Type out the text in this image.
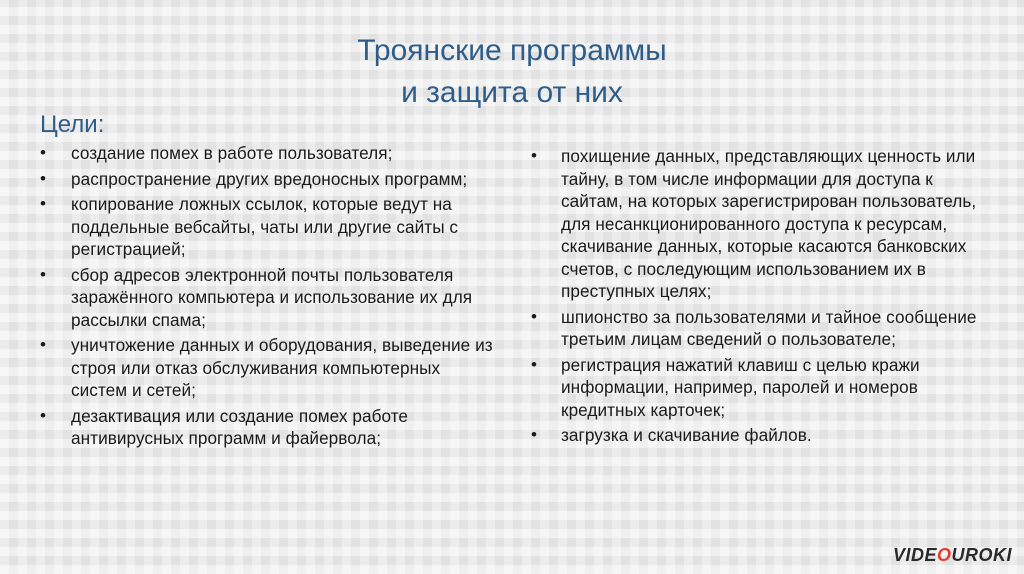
Троянские программы
и защита от них
Цели:
• создание помех в работе пользователя;
• распространение других вредоносных программ;
• копирование ложных ссылок, которые ведут на поддельные вебсайты, чаты или другие сайты с регистрацией;
• сбор адресов электронной почты пользователя заражённого компьютера и использование их для рассылки спама;
• уничтожение данных и оборудования, выведение из строя или отказ обслуживания компьютерных систем и сетей;
• дезактивация или создание помех работе антивирусных программ и файервола;
• похищение данных, представляющих ценность или тайну, в том числе информации для доступа к сайтам, на которых зарегистрирован пользователь, для несанкционированного доступа к ресурсам, скачивание данных, которые касаются банковских счетов, с последующим использованием их в преступных целях;
• шпионство за пользователями и тайное сообщение третьим лицам сведений о пользователе;
• регистрация нажатий клавиш с целью кражи информации, например, паролей и номеров кредитных карточек;
• загрузка и скачивание файлов.
VIDEOUROKI
